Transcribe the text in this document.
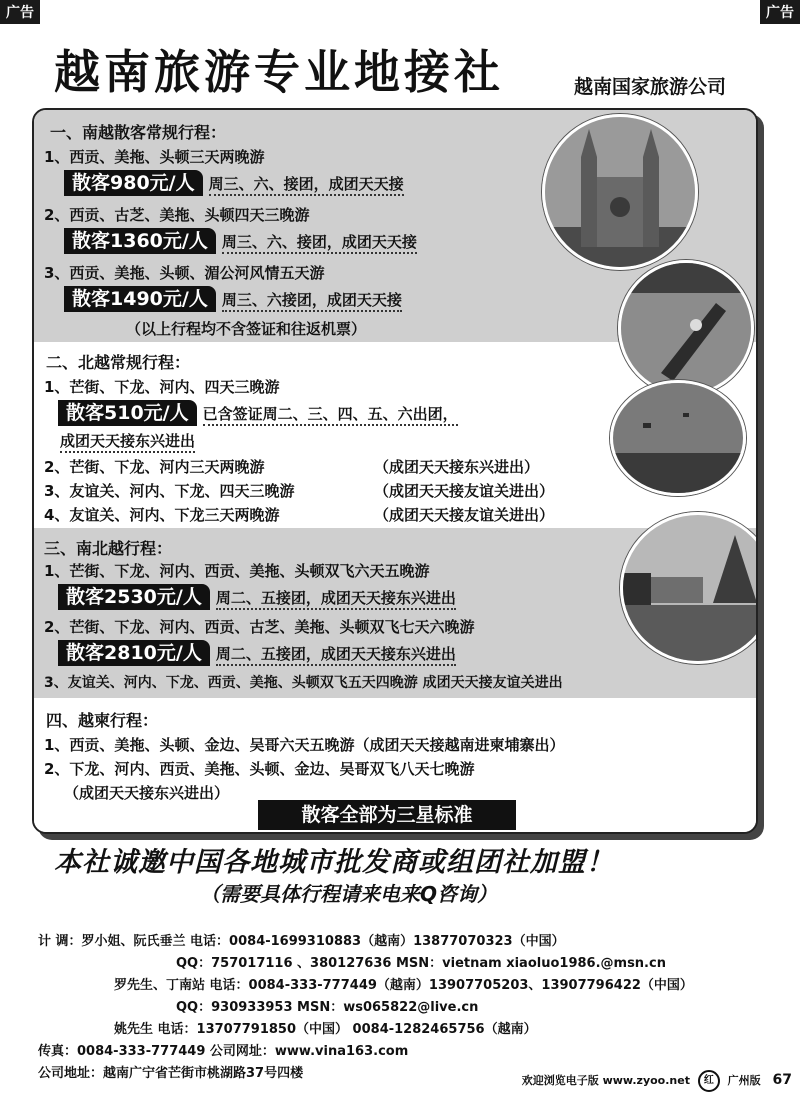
广告	广告
越南旅游专业地接社	越南国家旅游公司
一、南越散客常规行程：
1、西贡、美拖、头顿三天两晚游
散客980元/人 周三、六、接团，成团天天接
2、西贡、古芝、美拖、头顿四天三晚游
散客1360元/人 周三、六、接团，成团天天接
3、西贡、美拖、头顿、湄公河风情五天游
散客1490元/人 周三、六接团，成团天天接
（以上行程均不含签证和往返机票）
二、北越常规行程：
1、芒街、下龙、河内、四天三晚游
散客510元/人 已含签证周二、三、四、五、六出团，
成团天天接东兴进出
2、芒街、下龙、河内三天两晚游	（成团天天接东兴进出）
3、友谊关、河内、下龙、四天三晚游	（成团天天接友谊关进出）
4、友谊关、河内、下龙三天两晚游	（成团天天接友谊关进出）
三、南北越行程：
1、芒街、下龙、河内、西贡、美拖、头顿双飞六天五晚游
散客2530元/人 周二、五接团，成团天天接东兴进出
2、芒街、下龙、河内、西贡、古芝、美拖、头顿双飞七天六晚游
散客2810元/人 周二、五接团，成团天天接东兴进出
3、友谊关、河内、下龙、西贡、美拖、头顿双飞五天四晚游 成团天天接友谊关进出
四、越柬行程：
1、西贡、美拖、头顿、金边、吴哥六天五晚游（成团天天接越南进柬埔寨出）
2、下龙、河内、西贡、美拖、头顿、金边、吴哥双飞八天七晚游
（成团天天接东兴进出）
散客全部为三星标准
本社诚邀中国各地城市批发商或组团社加盟！
（需要具体行程请来电来Q咨询）
计 调：罗小姐、阮氏垂兰 电话：0084-1699310883（越南）13877070323（中国）
QQ：757017116 、380127636 MSN：vietnam xiaoluo1986.@msn.cn
罗先生、丁南站 电话：0084-333-777449（越南）13907705203、13907796422（中国）
QQ：930933953 MSN：ws065822@live.cn
姚先生 电话：13707791850（中国） 0084-1282465756（越南）
传真：0084-333-777449 公司网址：www.vina163.com
公司地址：越南广宁省芒街市桃湖路37号四楼	欢迎浏览电子版 www.zyoo.net 红 广州版 67
